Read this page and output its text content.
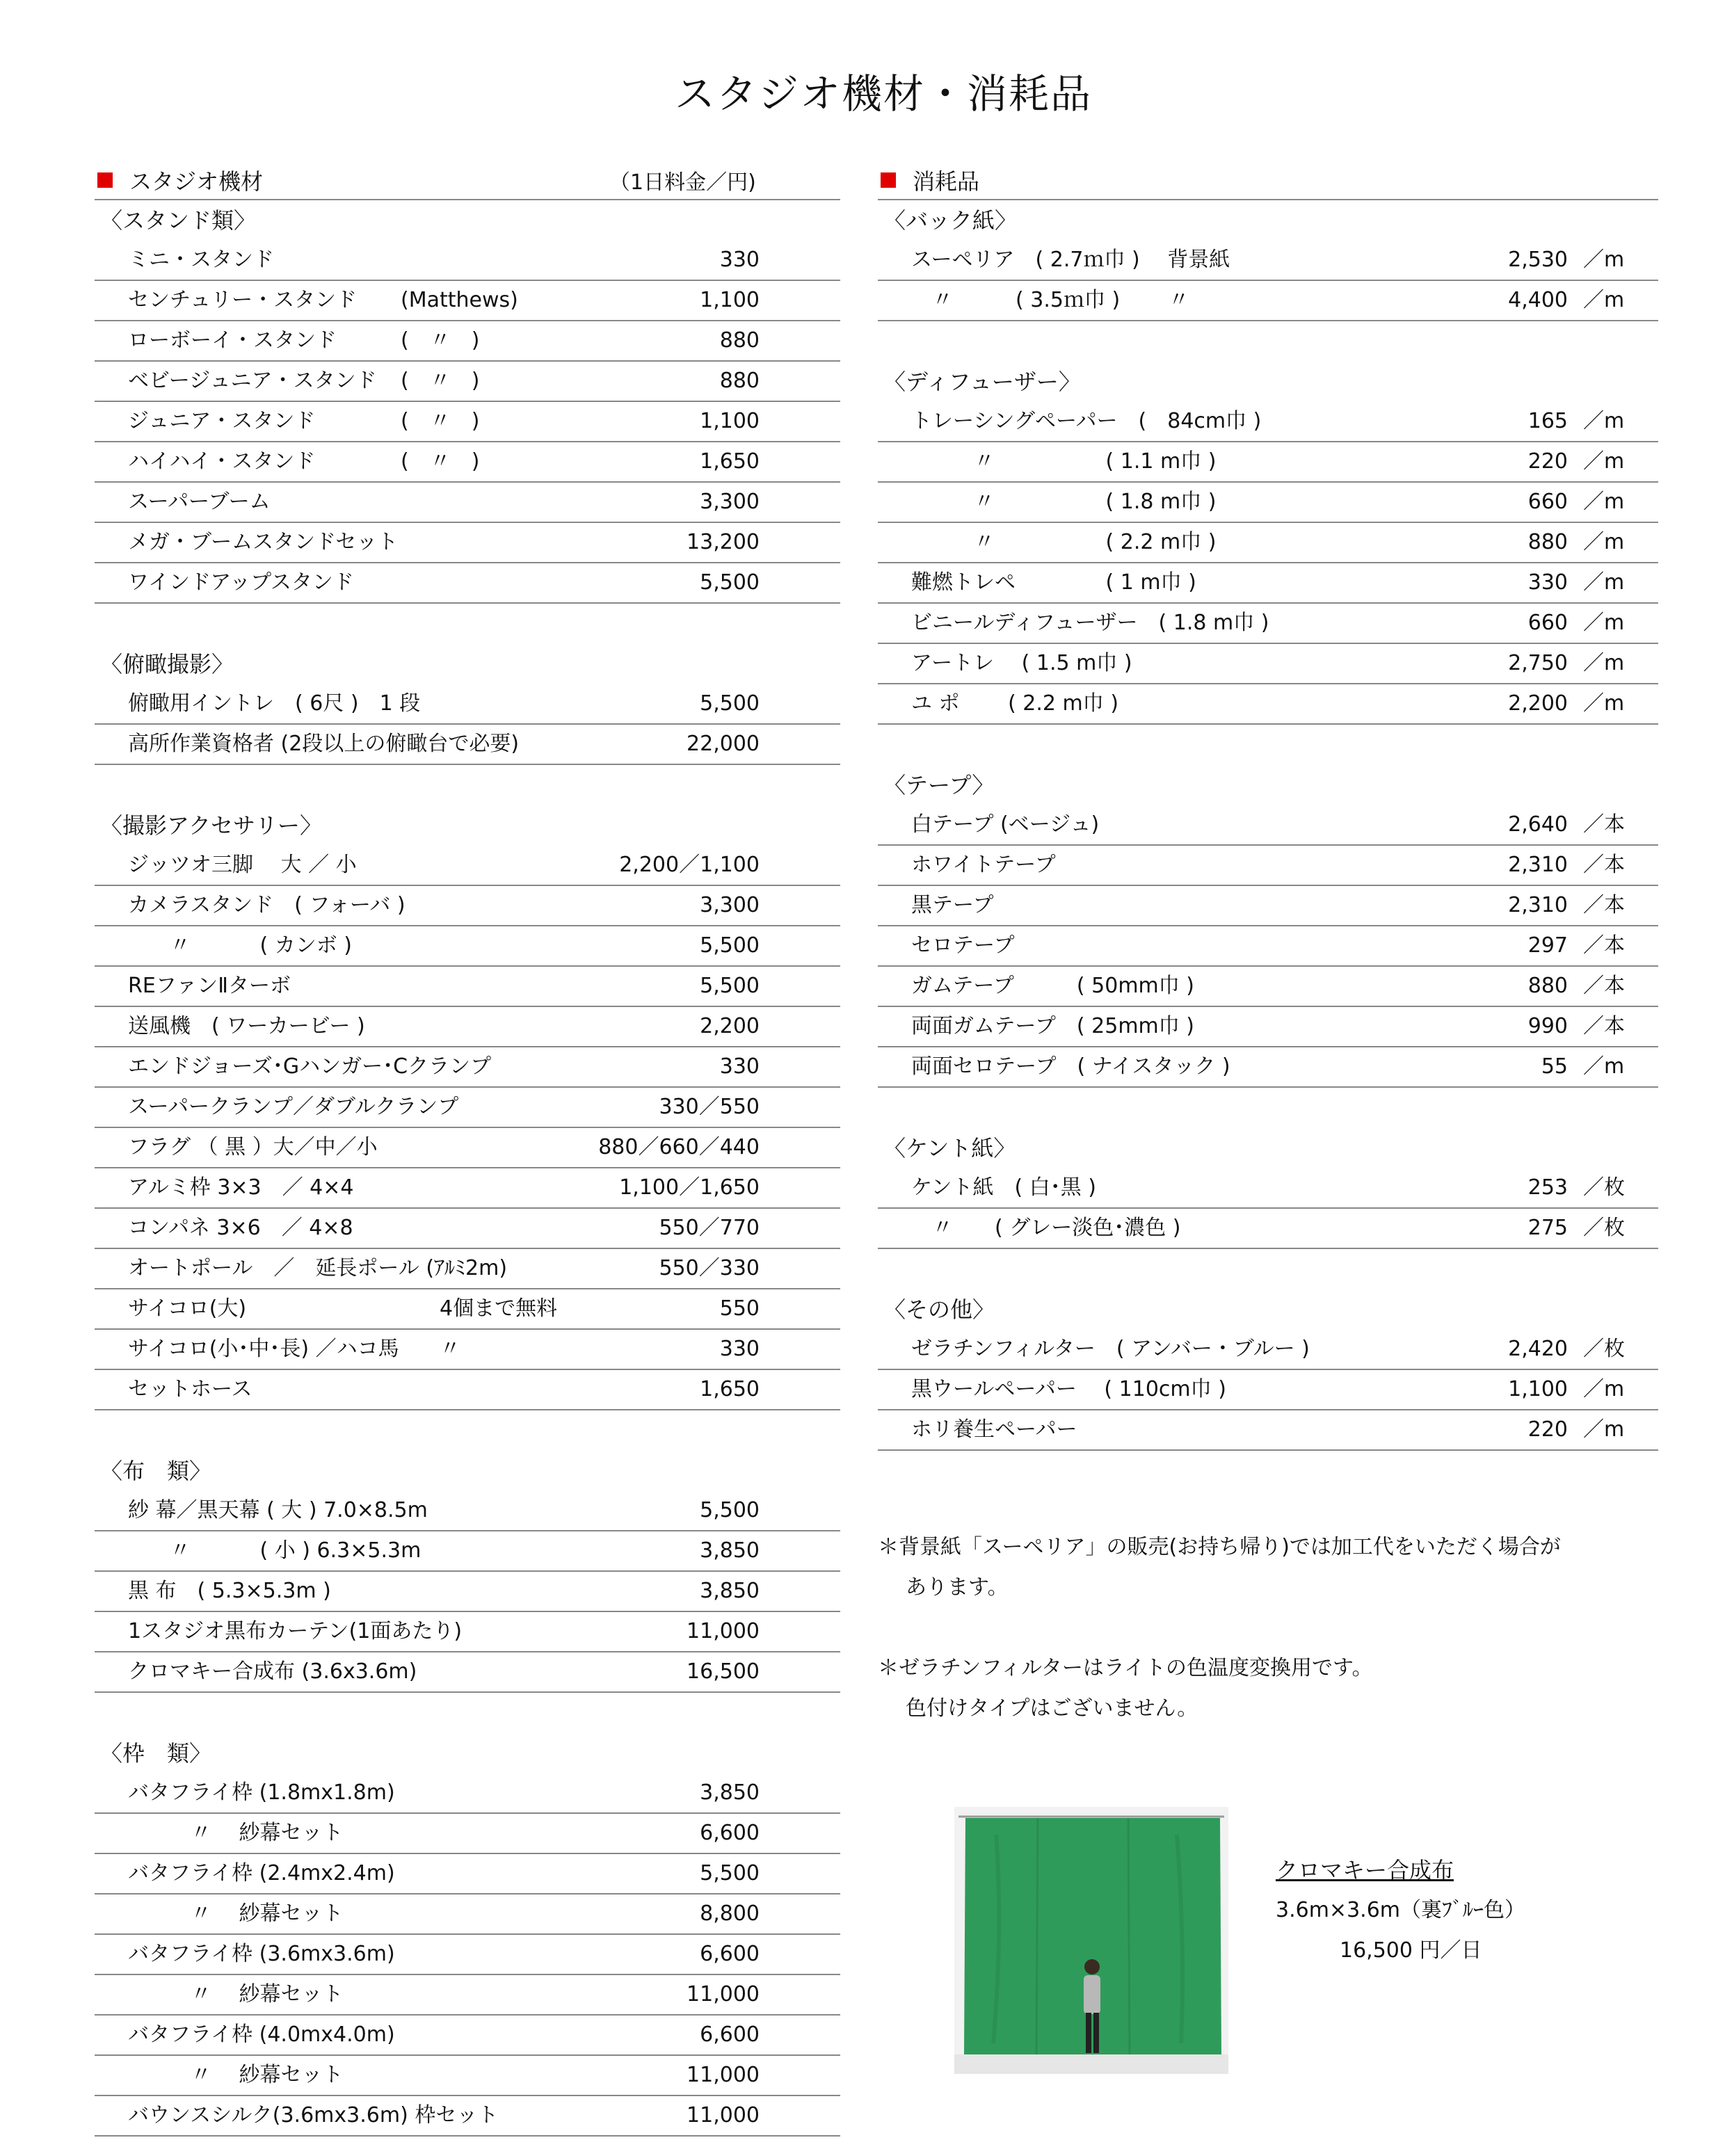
スタジオ機材・消耗品
スタジオ機材	（1日料金／円)
〈スタンド類〉
ミニ・スタンド	330
センチュリー・スタンド (Matthews)	1,100
ローボーイ・スタンド	(　〃　)	880
ベビージュニア・スタンド (　〃　)	880
ジュニア・スタンド	(　〃　)	1,100
ハイハイ・スタンド	(　〃　)	1,650
スーパーブーム	3,300
メガ・ブームスタンドセット	13,200
ワインドアップスタンド	5,500
〈俯瞰撮影〉
俯瞰用イントレ　( 6尺 )　1 段	5,500
高所作業資格者 (2段以上の俯瞰台で必要)	22,000
〈撮影アクセサリー〉
ジッツオ三脚　 大 ／ 小	2,200／1,100
カメラスタンド　( フォーバ )	3,300
　　〃　　　 ( カンボ )	5,500
REファンⅡターボ	5,500
送風機　( ワーカービー )	2,200
エンドジョーズ･Gハンガー･Cクランプ	330
スーパークランプ／ダブルクランプ	330／550
フラグ （ 黒 ）大／中／小	880／660／440
アルミ枠 3×3　／ 4×4	1,100／1,650
コンパネ 3×6　／ 4×8	550／770
オートポール　／　延長ポール (ｱﾙﾐ2m)	550／330
サイコロ(大)	4個まで無料	550
サイコロ(小･中･長) ／ハコ馬 〃	330
セットホース	1,650
〈布　類〉
紗 幕／黒天幕 ( 大 ) 7.0×8.5m	5,500
　　〃　　　 ( 小 ) 6.3×5.3m	3,850
黒 布　( 5.3×5.3m )	3,850
1スタジオ黒布カーテン(1面あたり)	11,000
クロマキー合成布 (3.6x3.6m)	16,500
〈枠　類〉
バタフライ枠 (1.8mx1.8m)	3,850
　　　〃　 紗幕セット	6,600
バタフライ枠 (2.4mx2.4m)	5,500
　　　〃　 紗幕セット	8,800
バタフライ枠 (3.6mx3.6m)	6,600
　　　〃　 紗幕セット	11,000
バタフライ枠 (4.0mx4.0m)	6,600
　　　〃　 紗幕セット	11,000
バウンスシルク(3.6mx3.6m) 枠セット	11,000
消耗品
〈バック紙〉
スーペリア　( 2.7ｍ巾 )　 背景紙	2,530 ／m
　〃　　　( 3.5ｍ巾 )　　 〃	4,400 ／m
〈ディフューザー〉
トレーシングペーパー　(　84cm巾 )	165 ／m
　　　〃　　　　　 ( 1.1 m巾 )	220 ／m
　　　〃　　　　　 ( 1.8 m巾 )	660 ／m
　　　〃　　　　　 ( 2.2 m巾 )	880 ／m
難燃トレペ　　　　 ( 1 m巾 )	330 ／m
ビニールディフューザー　( 1.8 m巾 )	660 ／m
アートレ　 ( 1.5 m巾 )	2,750 ／m
ユ ポ　　 ( 2.2 m巾 )	2,200 ／m
〈テープ〉
白テープ (ベージュ)	2,640 ／本
ホワイトテープ	2,310 ／本
黒テープ	2,310 ／本
セロテープ	297 ／本
ガムテープ　　　( 50mm巾 )	880 ／本
両面ガムテープ　( 25mm巾 )	990 ／本
両面セロテープ　( ナイスタック )	55 ／m
〈ケント紙〉
ケント紙　( 白･黒 )	253 ／枚
　〃　　( グレー淡色･濃色 )	275 ／枚
〈その他〉
ゼラチンフィルター　( アンバー・ブルー )	2,420 ／枚
黒ウールペーパー　 ( 110cm巾 )	1,100 ／m
ホリ養生ペーパー	220 ／m

＊背景紙「スーペリア」の販売(お持ち帰り)では加工代をいただく場合が

あります。

＊ゼラチンフィルターはライトの色温度変換用です。

色付けタイプはございません。

クロマキー合成布
3.6m×3.6m（裏ﾌﾞﾙｰ色）
16,500 円／日
